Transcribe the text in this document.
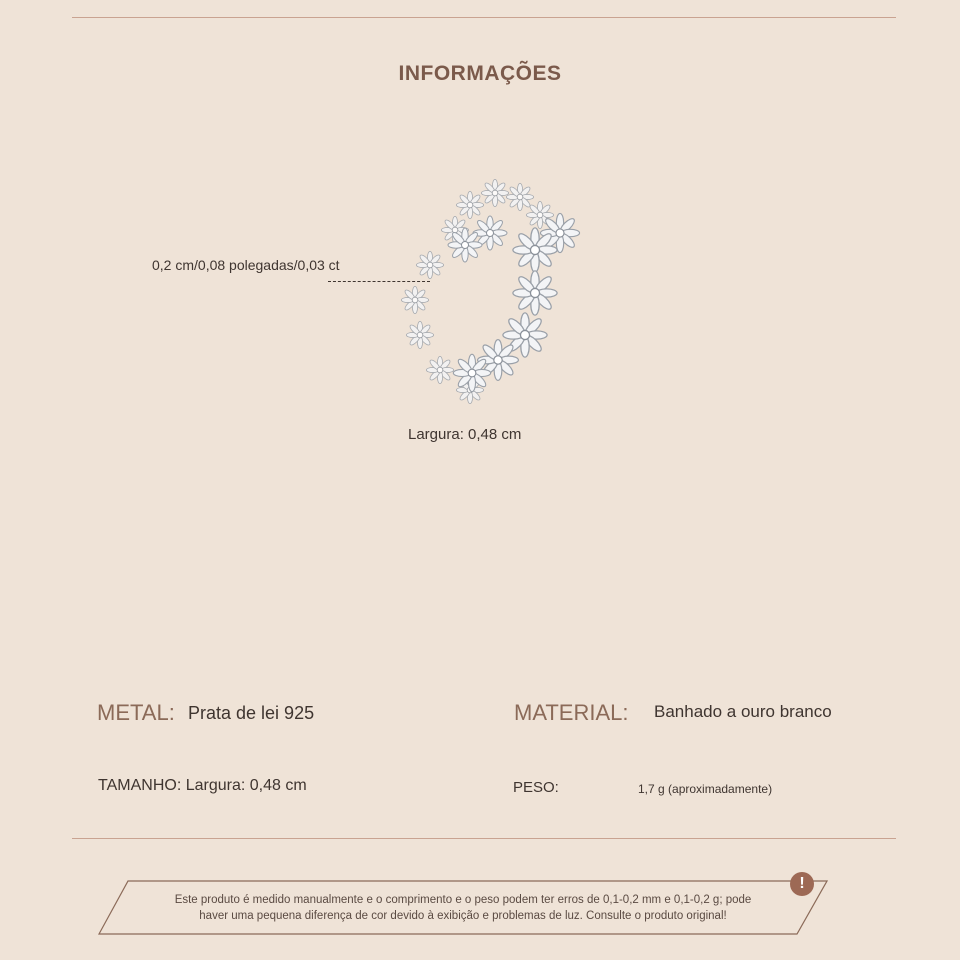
INFORMAÇÕES
0,2 cm/0,08 polegadas/0,03 ct
Largura: 0,48 cm
METAL: Prata de lei 925	MATERIAL: Banhado a ouro branco
TAMANHO: Largura: 0,48 cm	PESO:	1,7 g (aproximadamente)
!
Este produto é medido manualmente e o comprimento e o peso podem ter erros de 0,1-0,2 mm e 0,1-0,2 g; pode
haver uma pequena diferença de cor devido à exibição e problemas de luz. Consulte o produto original!
